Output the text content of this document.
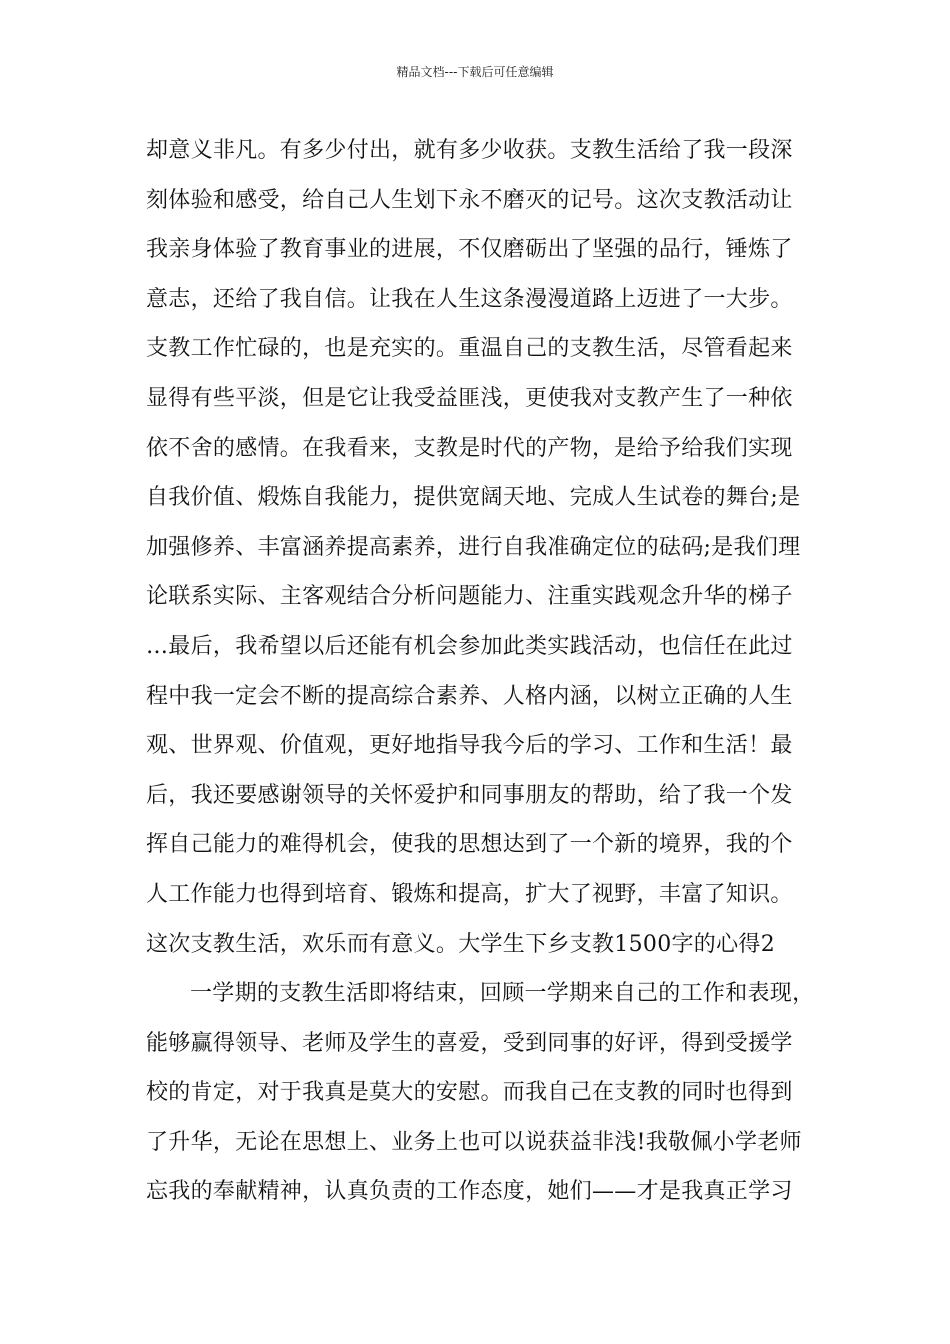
精品文档---下载后可任意编辑
却意义非凡。有多少付出，就有多少收获。支教生活给了我一段深
刻体验和感受，给自己人生划下永不磨灭的记号。这次支教活动让
我亲身体验了教育事业的进展，不仅磨砺出了坚强的品行，锤炼了
意志，还给了我自信。让我在人生这条漫漫道路上迈进了一大步。
支教工作忙碌的，也是充实的。重温自己的支教生活，尽管看起来
显得有些平淡，但是它让我受益匪浅，更使我对支教产生了一种依
依不舍的感情。在我看来，支教是时代的产物，是给予给我们实现
自我价值、煅炼自我能力，提供宽阔天地、完成人生试卷的舞台;是
加强修养、丰富涵养提高素养，进行自我准确定位的砝码;是我们理
论联系实际、主客观结合分析问题能力、注重实践观念升华的梯子
…最后，我希望以后还能有机会参加此类实践活动，也信任在此过
程中我一定会不断的提高综合素养、人格内涵，以树立正确的人生
观、世界观、价值观，更好地指导我今后的学习、工作和生活！最
后，我还要感谢领导的关怀爱护和同事朋友的帮助，给了我一个发
挥自己能力的难得机会，使我的思想达到了一个新的境界，我的个
人工作能力也得到培育、锻炼和提高，扩大了视野，丰富了知识。
这次支教生活，欢乐而有意义。大学生下乡支教1500字的心得2
一学期的支教生活即将结束，回顾一学期来自己的工作和表现，
能够赢得领导、老师及学生的喜爱，受到同事的好评，得到受援学
校的肯定，对于我真是莫大的安慰。而我自己在支教的同时也得到
了升华，无论在思想上、业务上也可以说获益非浅!我敬佩小学老师
忘我的奉献精神，认真负责的工作态度，她们——才是我真正学习
